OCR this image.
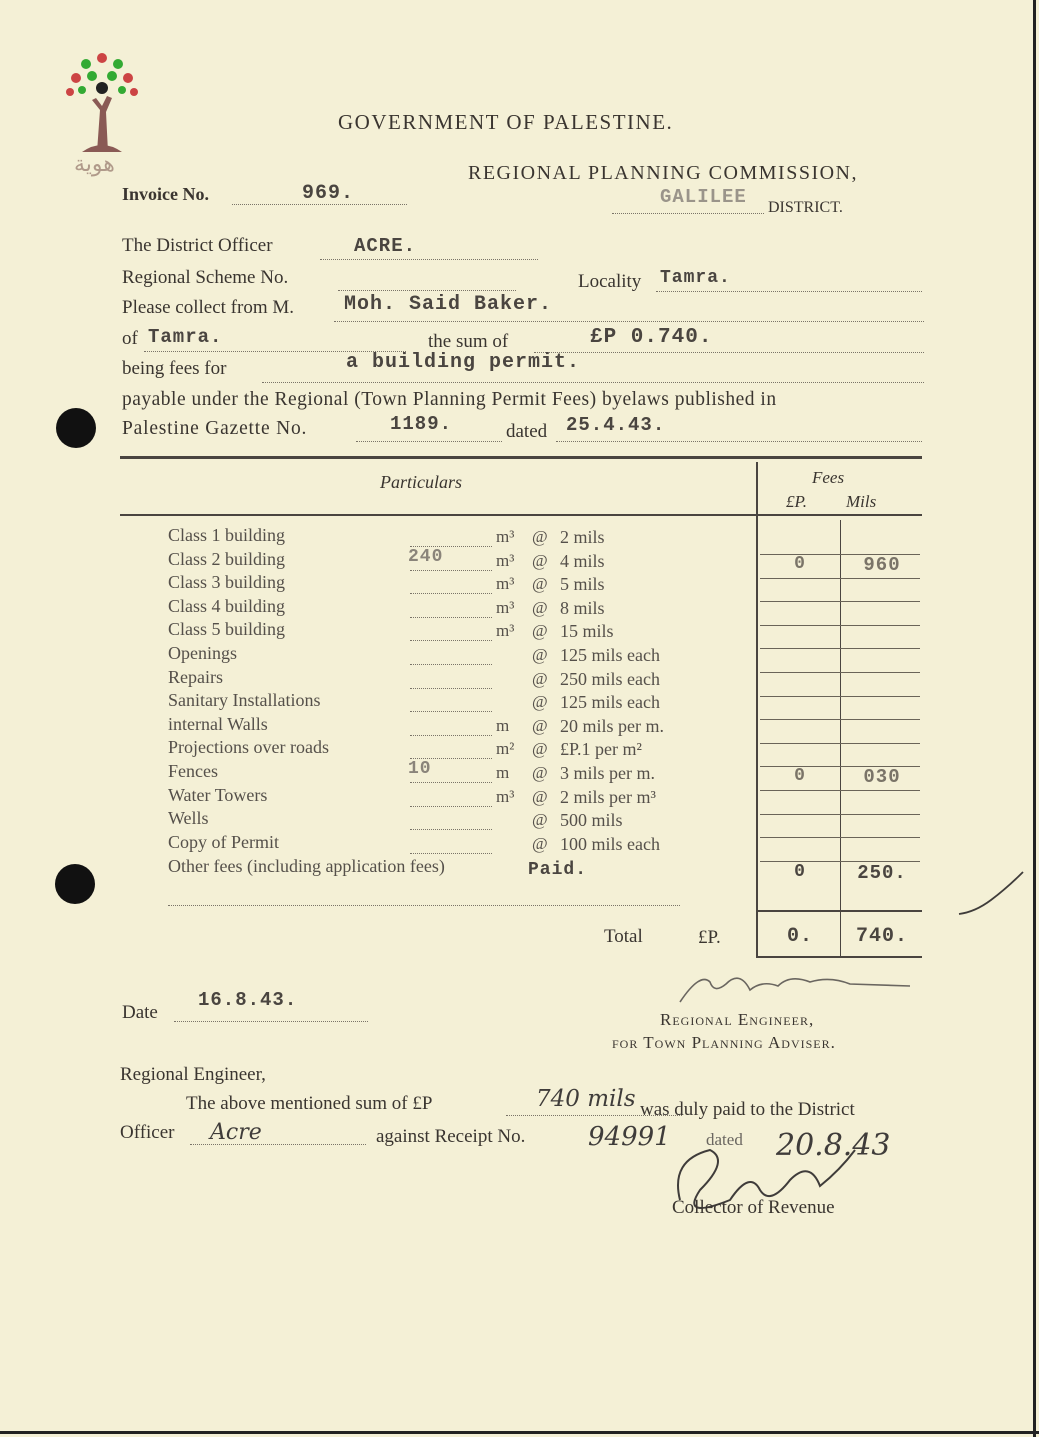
هوية
GOVERNMENT OF PALESTINE.
REGIONAL PLANNING COMMISSION,
GALILEE DISTRICT.
Invoice No.	969.
The District Officer	ACRE.
Regional Scheme No.	Locality Tamra.
Please collect from M. Moh. Said Baker.
of Tamra.	the sum of	£P 0.740.
being fees for	a building permit.
payable under the Regional (Town Planning Permit Fees) byelaws published in
Palestine Gazette No.	1189.	dated 25.4.43.
Particulars	Fees
£P. Mils
Class 1 building	m³ @ 2 mils
Class 2 building	240	m³ @ 4 mils	0	960
Class 3 building	m³ @ 5 mils
Class 4 building	m³ @ 8 mils
Class 5 building	m³ @ 15 mils
Openings	@ 125 mils each
Repairs	@ 250 mils each
Sanitary Installations	@ 125 mils each
internal Walls	m @ 20 mils per m.
Projections over roads	m² @ £P.1 per m²
Fences	10	m @ 3 mils per m.	0	030
Water Towers	m³ @ 2 mils per m³
Wells	@ 500 mils
Copy of Permit	@ 100 mils each
Other fees (including application fees)	Paid.	0	250.
Total	£P.	0.	740.
Date
16.8.43.
Regional Engineer,
for Town Planning Adviser.
Regional Engineer,
The above mentioned sum of £P	740 mils was duly paid to the District
Officer Acre	against Receipt No. 94991 dated 20.8.43
Collector of Revenue
